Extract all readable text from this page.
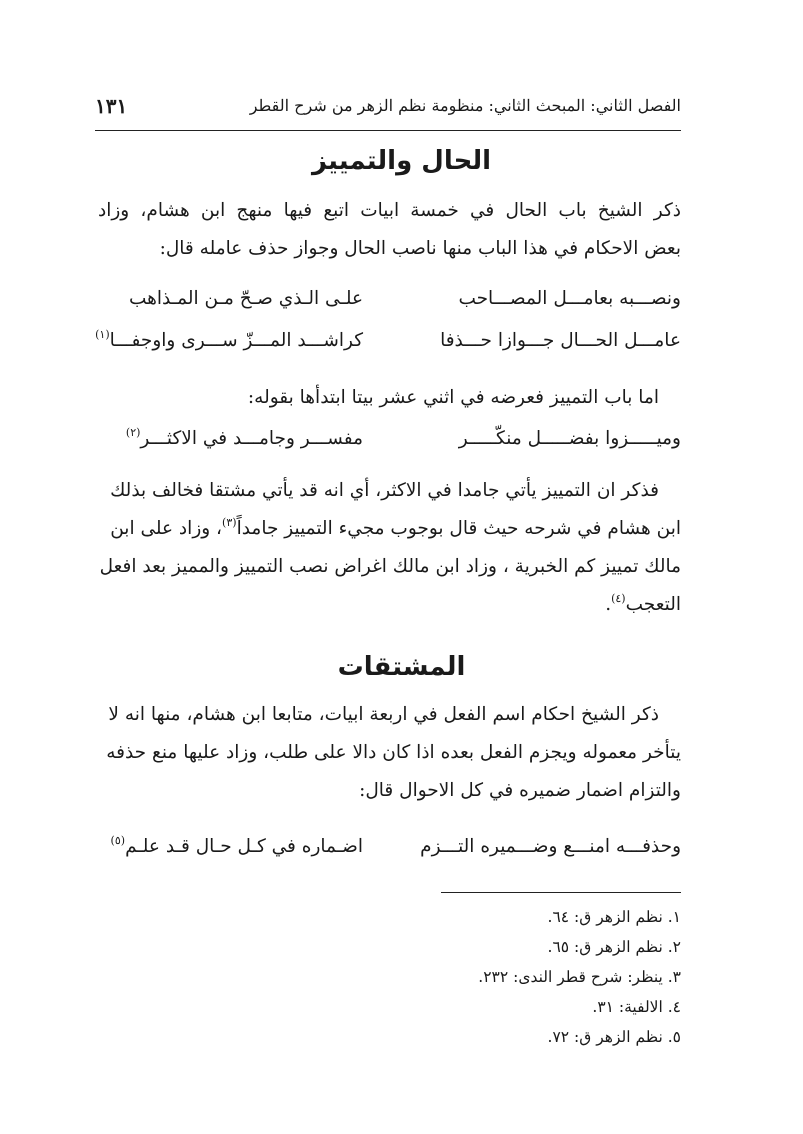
الفصل الثاني: المبحث الثاني: منظومة نظم الزهر من شرح القطر
١٣١
الحال والتمييز
ذكر الشيخ باب الحال في خمسة ابيات اتبع فيها منهج ابن هشام، وزاد
بعض الاحكام في هذا الباب منها ناصب الحال وجواز حذف عامله قال:
ونصـــبه بعامـــل المصـــاحب
علـى الـذي صـحّ مـن المـذاهب
عامـــل الحـــال جـــوازا حـــذفا
كراشـــد المـــزّ ســـرى واوجفـــا$^{(١)}$
اما باب التمييز فعرضه في اثني عشر بيتا ابتدأها بقوله:
وميـــــزوا بفضـــــل منكّـــــر
مفســـر وجامـــد في الاكثـــر$^{(٢)}$
فذكر ان التمييز يأتي جامدا في الاكثر، أي انه قد يأتي مشتقا فخالف بذلك
ابن هشام في شرحه حيث قال بوجوب مجيء التمييز جامداً$^{(٣)}$، وزاد على ابن
مالك تمييز كم الخبرية ، وزاد ابن مالك اغراض نصب التمييز والمميز بعد افعل
التعجب$^{(٤)}$.
المشتقات
ذكر الشيخ احكام اسم الفعل في اربعة ابيات، متابعا ابن هشام، منها انه لا
يتأخر معموله ويجزم الفعل بعده اذا كان دالا على طلب، وزاد عليها منع حذفه
والتزام اضمار ضميره في كل الاحوال قال:
وحذفـــه امنـــع وضـــميره التـــزم
اضـماره في كـل حـال قـد علـم$^{(٥)}$
١. نظم الزهر ق: ٦٤.
٢. نظم الزهر ق: ٦٥.
٣. ينظر: شرح قطر الندى: ٢٣٢.
٤. الالفية: ٣١.
٥. نظم الزهر ق: ٧٢.
